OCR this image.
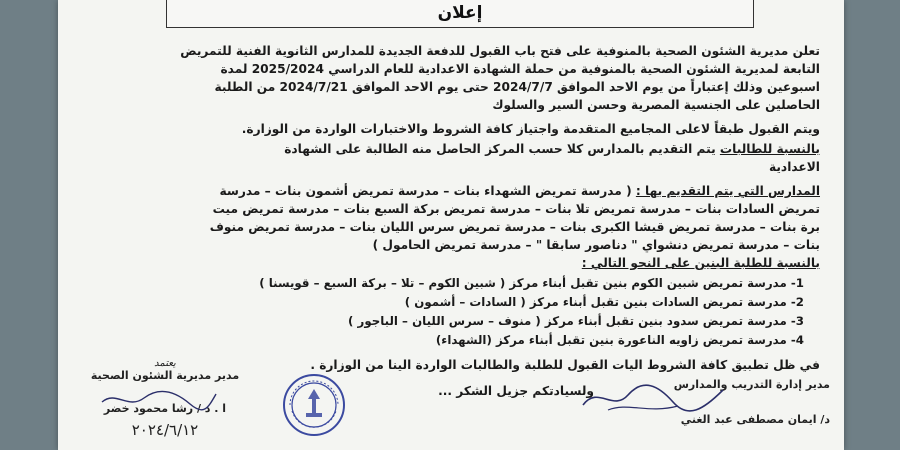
إعلان
تعلن مديرية الشئون الصحية بالمنوفية على فتح باب القبول للدفعة الجديدة للمدارس الثانوية الفنية للتمريض
التابعة لمديرية الشئون الصحية بالمنوفية من حملة الشهادة الاعدادية للعام الدراسي 2025/2024 لمدة
اسبوعين وذلك إعتباراً من يوم الاحد الموافق 2024/7/7 حتى يوم الاحد الموافق 2024/7/21 من الطلبة
الحاصلين على الجنسية المصرية وحسن السير والسلوك
ويتم القبول طبقاً لاعلى المجاميع المتقدمة واجتياز كافة الشروط والاختبارات الواردة من الوزارة.
بالنسبة للطالبات يتم التقديم بالمدارس كلا حسب المركز الحاصل منه الطالبة على الشهادة
الاعدادية
المدارس التي يتم التقديم بها : ( مدرسة تمريض الشهداء بنات – مدرسة تمريض أشمون بنات – مدرسة
تمريض السادات بنات – مدرسة تمريض تلا بنات – مدرسة تمريض بركة السبع بنات – مدرسة تمريض ميت
برة بنات – مدرسة تمريض قيشا الكبرى بنات – مدرسة تمريض سرس الليان بنات – مدرسة تمريض منوف
بنات – مدرسة تمريض دنشواي " دناصور سابقا " – مدرسة تمريض الحامول )
بالنسبة للطلبة البنين على النحو التالي :
1- مدرسة تمريض شبين الكوم بنين تقبل أبناء مركز ( شبين الكوم – تلا – بركة السبع – قويسنا )
2- مدرسة تمريض السادات بنين تقبل أبناء مركز ( السادات – أشمون )
3- مدرسة تمريض سدود بنين تقبل أبناء مركز ( منوف – سرس الليان – الباجور )
4- مدرسة تمريض زاويه الناعورة بنين تقبل أبناء مركز (الشهداء)
في ظل تطبيق كافة الشروط اليات القبول للطلبة والطالبات الواردة الينا من الوزارة .
ولسيادتكم جزيل الشكر ...	مدير إدارة التدريب والمدارس
د/ ايمان مصطفى عبد الغني
يعتمد
مدير مديرية الشئون الصحية
ا . د / رشا محمود خضر
٢٠٢٤/٦/١٢
